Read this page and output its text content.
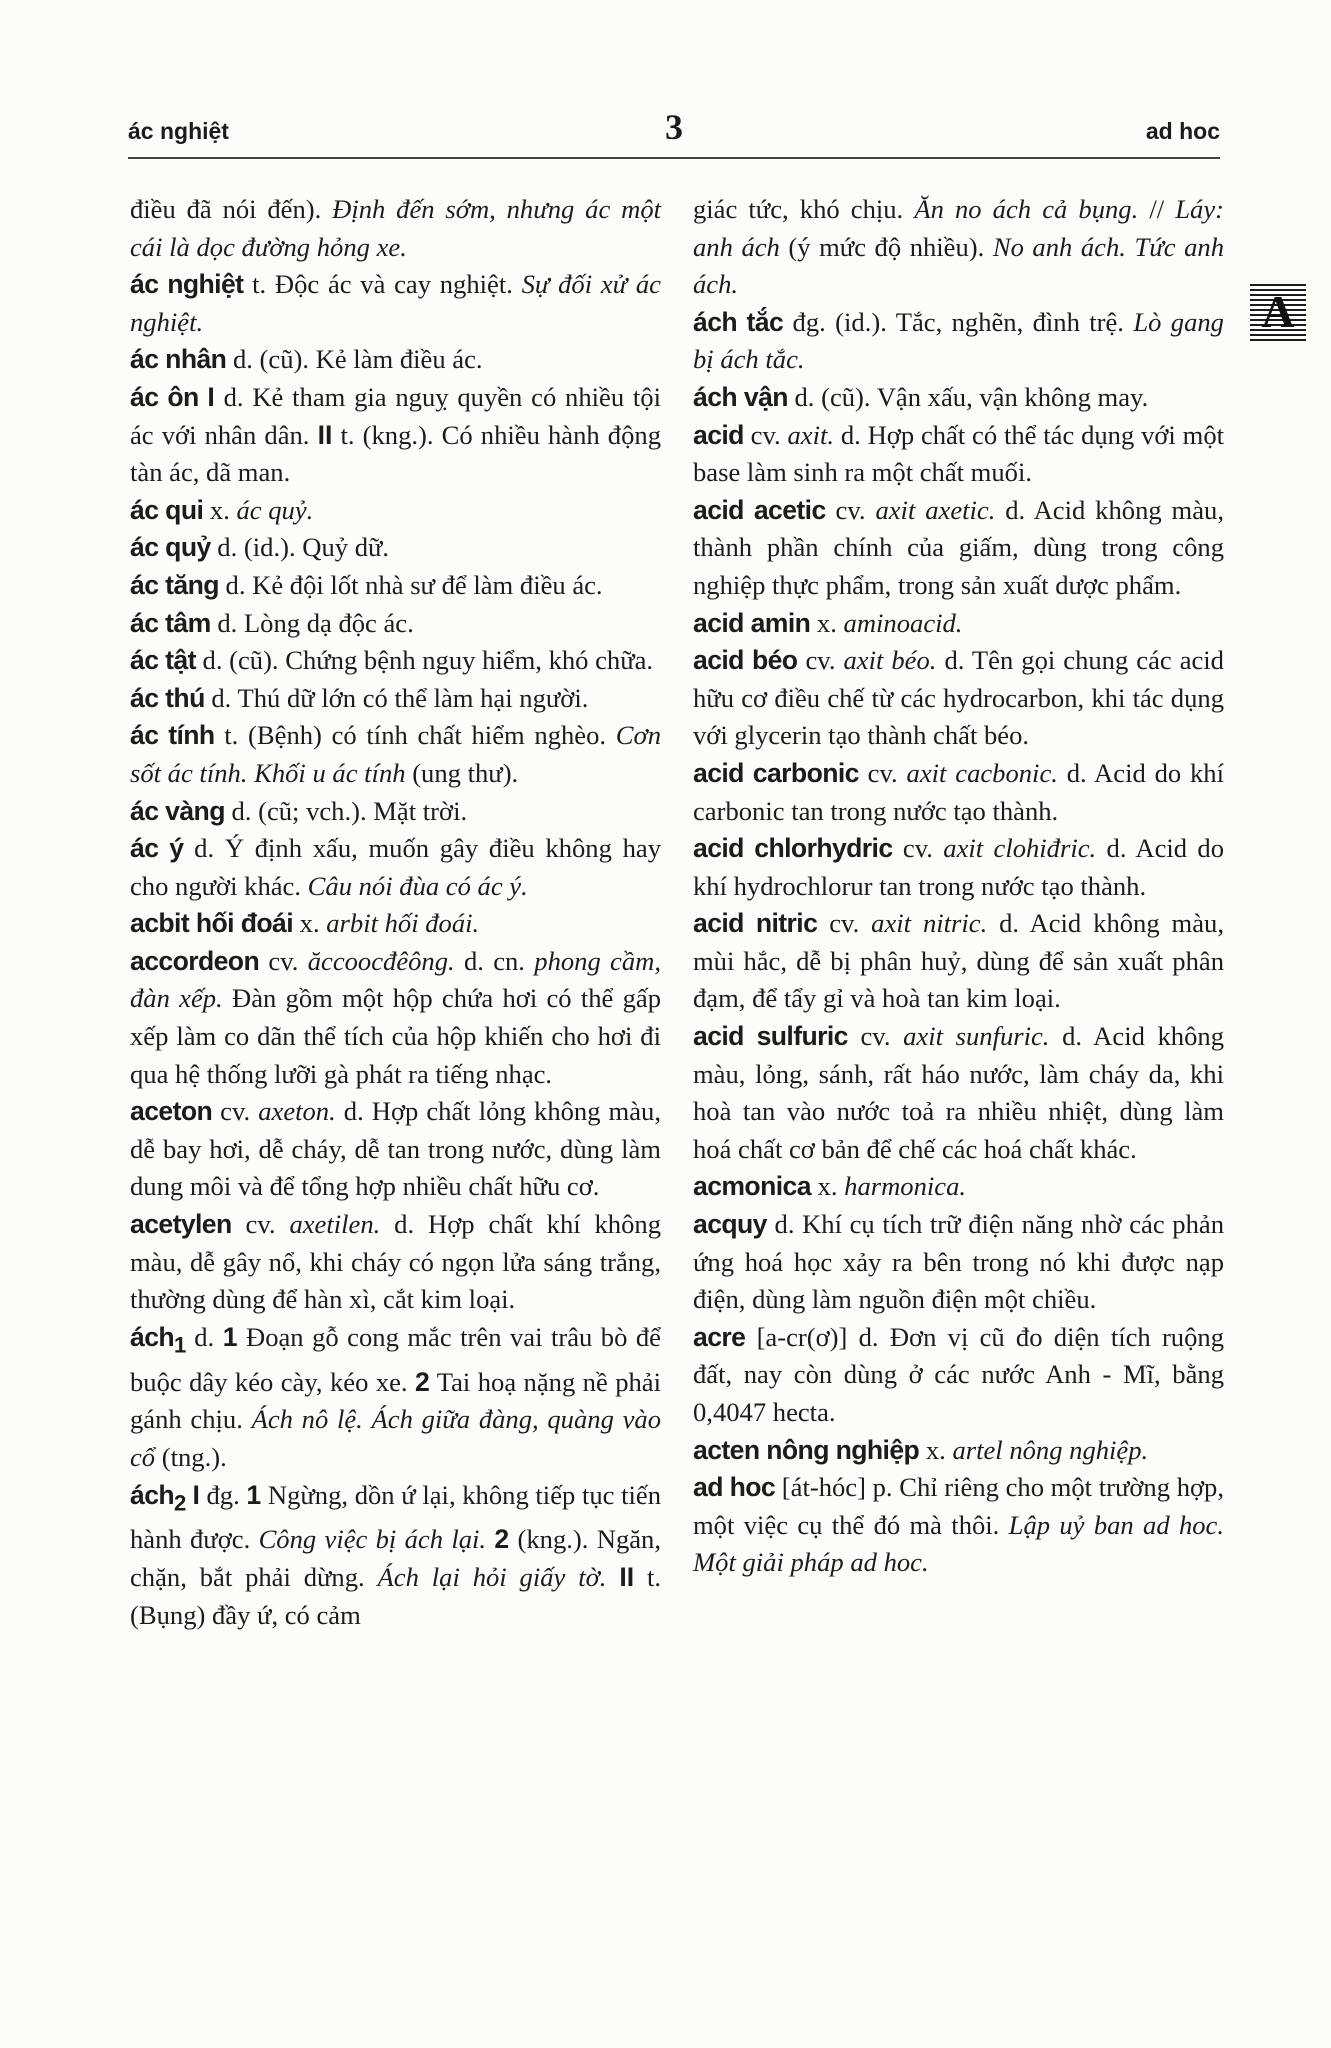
ác nghiệt	3	ad hoc

điều đã nói đến). Định đến sớm, nhưng ác một cái là dọc đường hỏng xe.

ác nghiệt t. Độc ác và cay nghiệt. Sự đối xử ác nghiệt.

ác nhân d. (cũ). Kẻ làm điều ác.

ác ôn I d. Kẻ tham gia nguỵ quyền có nhiều tội ác với nhân dân. II t. (kng.). Có nhiều hành động tàn ác, dã man.

ác qui x. ác quỷ.

ác quỷ d. (id.). Quỷ dữ.

ác tăng d. Kẻ đội lốt nhà sư để làm điều ác.

ác tâm d. Lòng dạ độc ác.

ác tật d. (cũ). Chứng bệnh nguy hiểm, khó chữa.

ác thú d. Thú dữ lớn có thể làm hại người.

ác tính t. (Bệnh) có tính chất hiểm nghèo. Cơn sốt ác tính. Khối u ác tính (ung thư).

ác vàng d. (cũ; vch.). Mặt trời.

ác ý d. Ý định xấu, muốn gây điều không hay cho người khác. Câu nói đùa có ác ý.

acbit hối đoái x. arbit hối đoái.

accordeon cv. ăccoocđêông. d. cn. phong cầm, đàn xếp. Đàn gồm một hộp chứa hơi có thể gấp xếp làm co dãn thể tích của hộp khiến cho hơi đi qua hệ thống lưỡi gà phát ra tiếng nhạc.

aceton cv. axeton. d. Hợp chất lỏng không màu, dễ bay hơi, dễ cháy, dễ tan trong nước, dùng làm dung môi và để tổng hợp nhiều chất hữu cơ.

acetylen cv. axetilen. d. Hợp chất khí không màu, dễ gây nổ, khi cháy có ngọn lửa sáng trắng, thường dùng để hàn xì, cắt kim loại.

ách$_1$ d. 1 Đoạn gỗ cong mắc trên vai trâu bò để buộc dây kéo cày, kéo xe. 2 Tai hoạ nặng nề phải gánh chịu. Ách nô lệ. Ách giữa đàng, quàng vào cổ (tng.).

ách$_2$ I đg. 1 Ngừng, dồn ứ lại, không tiếp tục tiến hành được. Công việc bị ách lại. 2 (kng.). Ngăn, chặn, bắt phải dừng. Ách lại hỏi giấy tờ. II t. (Bụng) đầy ứ, có cảm

giác tức, khó chịu. Ăn no ách cả bụng. // Láy: anh ách (ý mức độ nhiều). No anh ách. Tức anh ách.

ách tắc đg. (id.). Tắc, nghẽn, đình trệ. Lò gang bị ách tắc.

ách vận d. (cũ). Vận xấu, vận không may.

acid cv. axit. d. Hợp chất có thể tác dụng với một base làm sinh ra một chất muối.

acid acetic cv. axit axetic. d. Acid không màu, thành phần chính của giấm, dùng trong công nghiệp thực phẩm, trong sản xuất dược phẩm.

acid amin x. aminoacid.

acid béo cv. axit béo. d. Tên gọi chung các acid hữu cơ điều chế từ các hydrocarbon, khi tác dụng với glycerin tạo thành chất béo.

acid carbonic cv. axit cacbonic. d. Acid do khí carbonic tan trong nước tạo thành.

acid chlorhydric cv. axit clohiđric. d. Acid do khí hydrochlorur tan trong nước tạo thành.

acid nitric cv. axit nitric. d. Acid không màu, mùi hắc, dễ bị phân huỷ, dùng để sản xuất phân đạm, để tẩy gỉ và hoà tan kim loại.

acid sulfuric cv. axit sunfuric. d. Acid không màu, lỏng, sánh, rất háo nước, làm cháy da, khi hoà tan vào nước toả ra nhiều nhiệt, dùng làm hoá chất cơ bản để chế các hoá chất khác.

acmonica x. harmonica.

acquy d. Khí cụ tích trữ điện năng nhờ các phản ứng hoá học xảy ra bên trong nó khi được nạp điện, dùng làm nguồn điện một chiều.

acre [a-cr(ơ)] d. Đơn vị cũ đo diện tích ruộng đất, nay còn dùng ở các nước Anh - Mĩ, bằng 0,4047 hecta.

acten nông nghiệp x. artel nông nghiệp.

ad hoc [át-hóc] p. Chỉ riêng cho một trường hợp, một việc cụ thể đó mà thôi. Lập uỷ ban ad hoc. Một giải pháp ad hoc.

A
